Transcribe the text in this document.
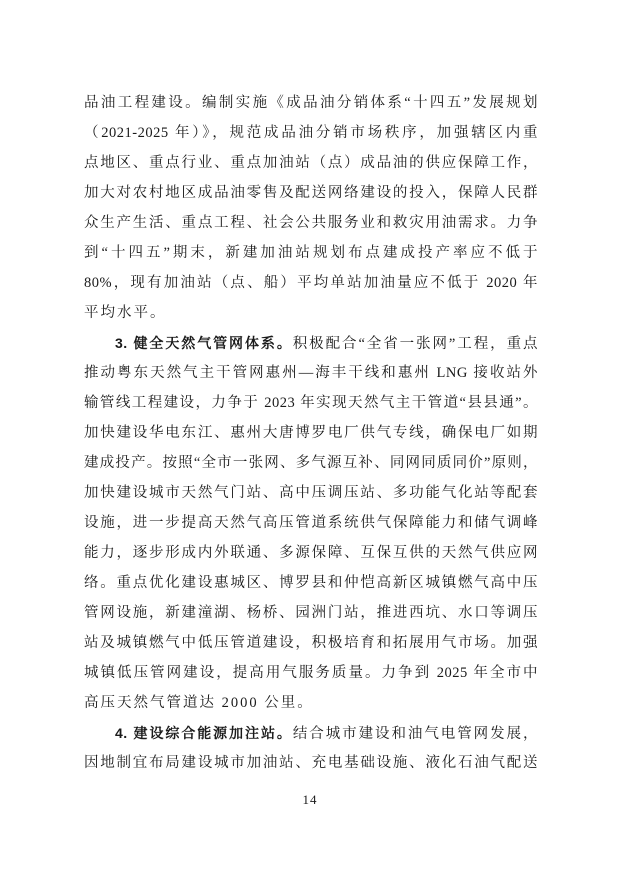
品油工程建设。编制实施《成品油分销体系“十四五”发展规划
（2021-2025 年）》，规范成品油分销市场秩序，加强辖区内重
点地区、重点行业、重点加油站（点）成品油的供应保障工作，
加大对农村地区成品油零售及配送网络建设的投入，保障人民群
众生产生活、重点工程、社会公共服务业和救灾用油需求。力争
到“十四五”期末，新建加油站规划布点建成投产率应不低于
80%，现有加油站（点、船）平均单站加油量应不低于 2020 年
平均水平。
3. 健全天然气管网体系。积极配合“全省一张网”工程，重点
推动粤东天然气主干管网惠州—海丰干线和惠州 LNG 接收站外
输管线工程建设，力争于 2023 年实现天然气主干管道“县县通”。
加快建设华电东江、惠州大唐博罗电厂供气专线，确保电厂如期
建成投产。按照“全市一张网、多气源互补、同网同质同价”原则，
加快建设城市天然气门站、高中压调压站、多功能气化站等配套
设施，进一步提高天然气高压管道系统供气保障能力和储气调峰
能力，逐步形成内外联通、多源保障、互保互供的天然气供应网
络。重点优化建设惠城区、博罗县和仲恺高新区城镇燃气高中压
管网设施，新建潼湖、杨桥、园洲门站，推进西坑、水口等调压
站及城镇燃气中低压管道建设，积极培育和拓展用气市场。加强
城镇低压管网建设，提高用气服务质量。力争到 2025 年全市中
高压天然气管道达 2000 公里。
4. 建设综合能源加注站。结合城市建设和油气电管网发展，
因地制宜布局建设城市加油站、充电基础设施、液化石油气配送
14
